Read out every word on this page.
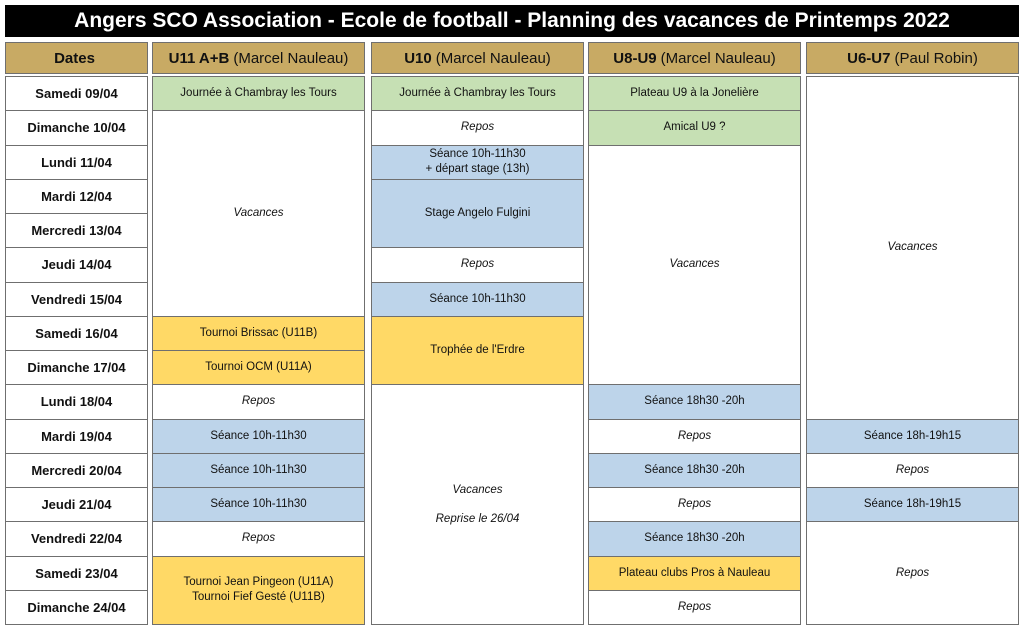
Angers SCO Association - Ecole de football - Planning des vacances de Printemps 2022
Dates
Samedi 09/04
Dimanche 10/04
Lundi 11/04
Mardi 12/04
Mercredi 13/04
Jeudi 14/04
Vendredi 15/04
Samedi 16/04
Dimanche 17/04
Lundi 18/04
Mardi 19/04
Mercredi 20/04
Jeudi 21/04
Vendredi 22/04
Samedi 23/04
Dimanche 24/04
U11 A+B (Marcel Nauleau)
Journée à Chambray les Tours
Vacances
Tournoi Brissac (U11B)
Tournoi OCM (U11A)
Repos
Séance 10h-11h30
Séance 10h-11h30
Séance 10h-11h30
Repos
Tournoi Jean Pingeon (U11A)
Tournoi Fief Gesté (U11B)
U10 (Marcel Nauleau)
Journée à Chambray les Tours
Repos
Séance 10h-11h30
+ départ stage (13h)
Stage Angelo Fulgini
Repos
Séance 10h-11h30
Trophée de l'Erdre
Vacances
Reprise le 26/04
U8-U9 (Marcel Nauleau)
Plateau U9 à la Jonelière
Amical U9 ?
Vacances
Séance 18h30 -20h
Repos
Séance 18h30 -20h
Repos
Séance 18h30 -20h
Plateau clubs Pros à Nauleau
Repos
U6-U7 (Paul Robin)
Vacances
Séance 18h-19h15
Repos
Séance 18h-19h15
Repos
